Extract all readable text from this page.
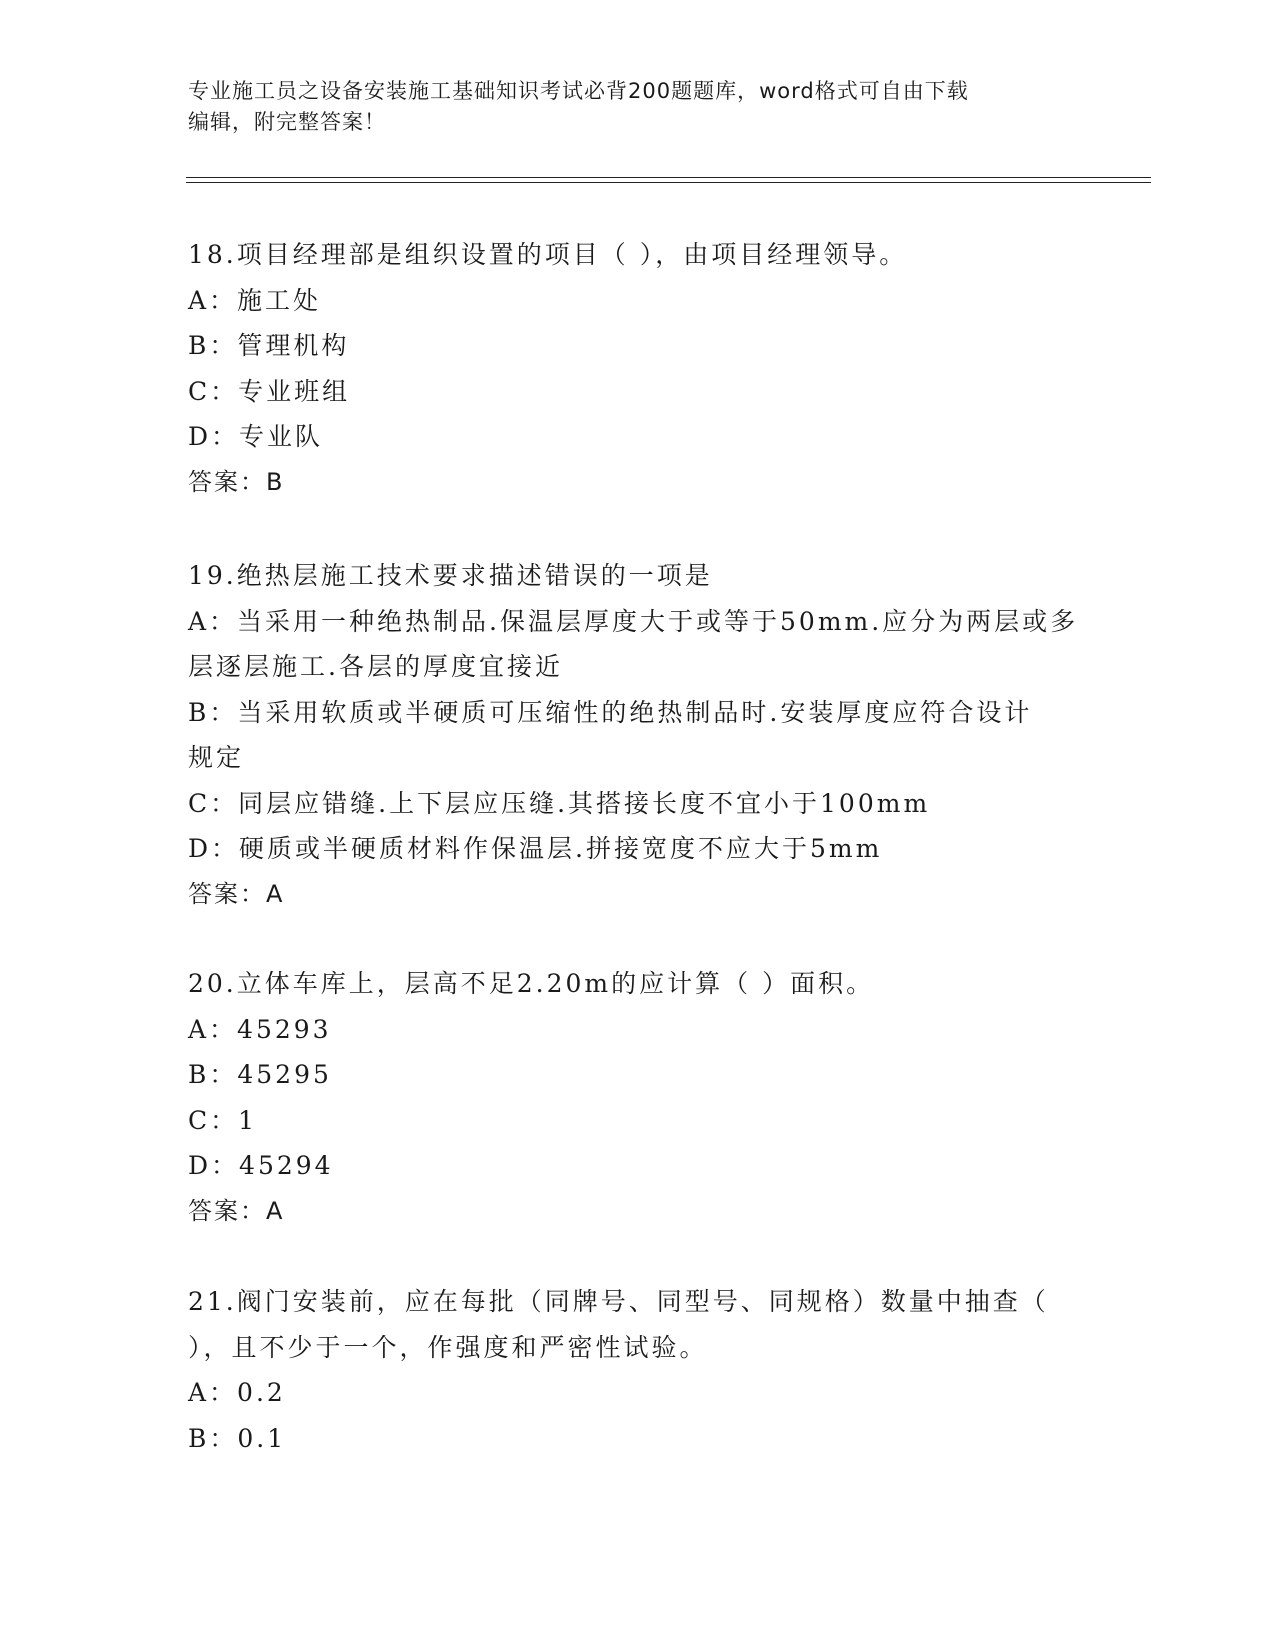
专业施工员之设备安装施工基础知识考试必背200题题库，word格式可自由下载
编辑，附完整答案！
18.项目经理部是组织设置的项目（ ），由项目经理领导。
A：施工处
B：管理机构
C：专业班组
D：专业队
答案：B
19.绝热层施工技术要求描述错误的一项是
A：当采用一种绝热制品.保温层厚度大于或等于50mm.应分为两层或多
层逐层施工.各层的厚度宜接近
B：当采用软质或半硬质可压缩性的绝热制品时.安装厚度应符合设计
规定
C：同层应错缝.上下层应压缝.其搭接长度不宜小于100mm
D：硬质或半硬质材料作保温层.拼接宽度不应大于5mm
答案：A
20.立体车库上，层高不足2.20m的应计算（ ）面积。
A：45293
B：45295
C：1
D：45294
答案：A
21.阀门安装前，应在每批（同牌号、同型号、同规格）数量中抽查（
），且不少于一个，作强度和严密性试验。
A：0.2
B：0.1
